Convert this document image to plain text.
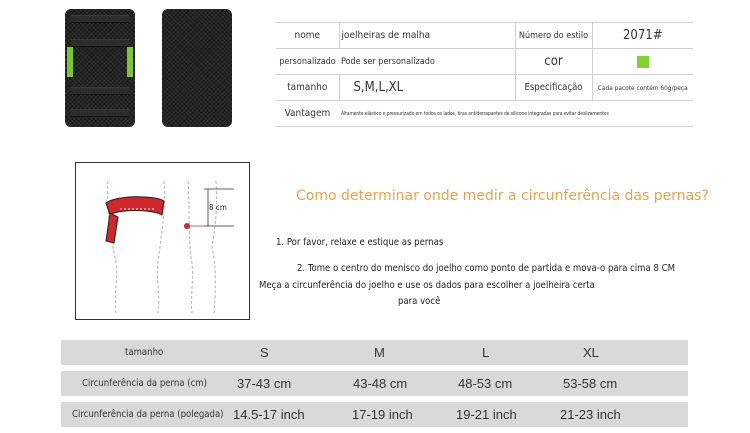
nome	joelheiras de malha	Número do estilo	2071#
personalizado	Pode ser personalizado	cor	
tamanho	S,M,L,XL	Especificação	Cada pacote contém 60g/peça
Vantagem	Altamente elástico e pressurizado em todos os lados, tiras antiderrapantes de silicone integradas para evitar deslizamentos		
8 cm
Como determinar onde medir a circunferência das pernas?
1. Por favor, relaxe e estique as pernas
2. Tome o centro do menisco do joelho como ponto de partida e mova-o para cima 8 CM
Meça a circunferência do joelho e use os dados para escolher a joelheira certa
para você
tamanho	S	M	L	XL
Circunferência da perna (cm) 37-43 cm	43-48 cm	48-53 cm	53-58 cm
Circunferência da perna (polegada) 14.5-17 inch	17-19 inch	19-21 inch	21-23 inch
